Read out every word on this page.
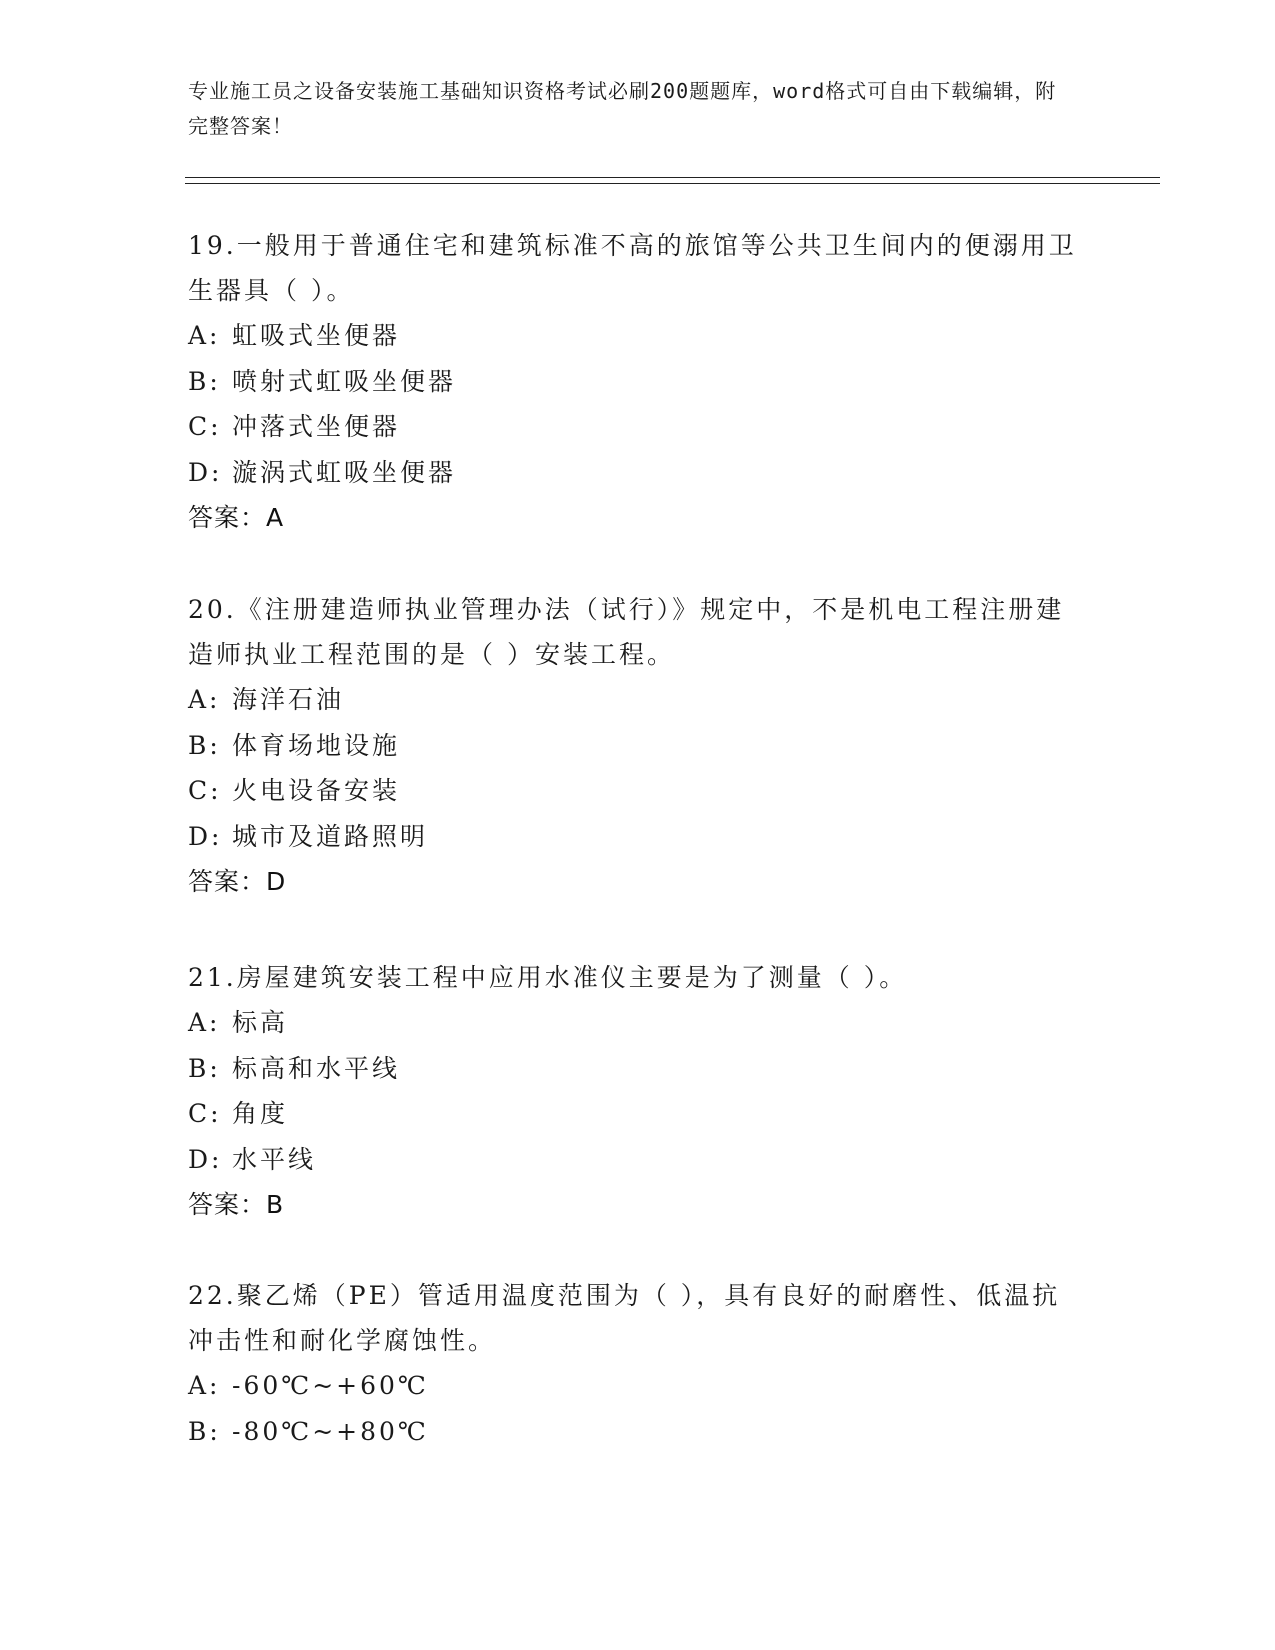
专业施工员之设备安装施工基础知识资格考试必刷200题题库，word格式可自由下载编辑，附完整答案！

19.一般用于普通住宅和建筑标准不高的旅馆等公共卫生间内的便溺用卫生器具（ ）。

A: 虹吸式坐便器
B: 喷射式虹吸坐便器
C: 冲落式坐便器
D: 漩涡式虹吸坐便器
答案：A

20.《注册建造师执业管理办法（试行）》规定中，不是机电工程注册建造师执业工程范围的是（ ）安装工程。

A: 海洋石油
B: 体育场地设施
C: 火电设备安装
D: 城市及道路照明
答案：D

21.房屋建筑安装工程中应用水准仪主要是为了测量（ ）。

A: 标高
B: 标高和水平线
C: 角度
D: 水平线
答案：B

22.聚乙烯（PE）管适用温度范围为（ ），具有良好的耐磨性、低温抗冲击性和耐化学腐蚀性。

A: -60℃~+60℃
B: -80℃~+80℃
